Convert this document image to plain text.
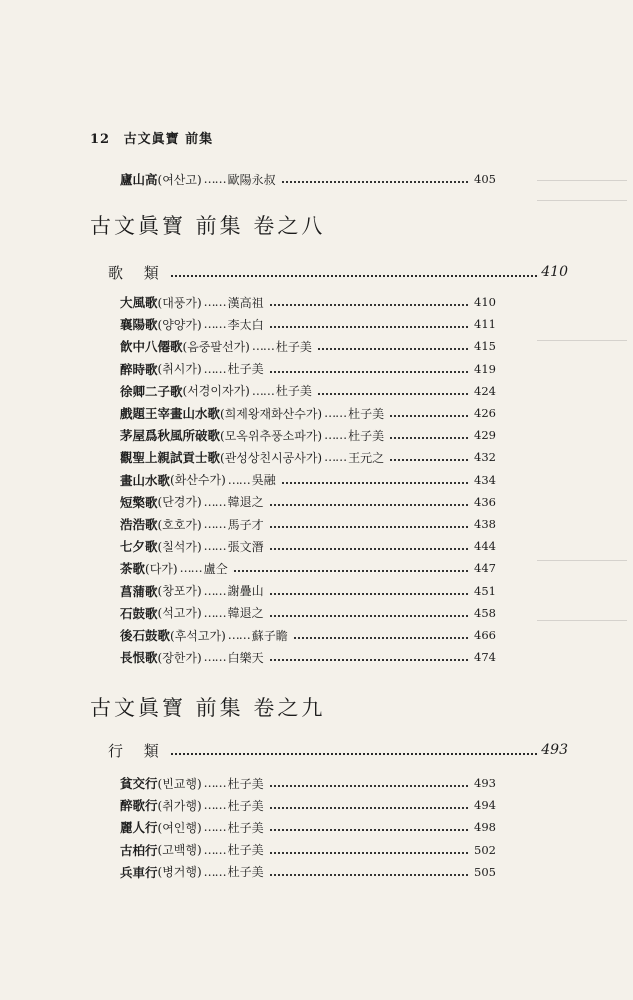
12 古文眞寶 前集
廬山高 (여산고) …… 歐陽永叔	405
古文眞寶 前集 卷之八
歌 類	410
大風歌 (대풍가) …… 漢高祖	410
襄陽歌 (양양가) …… 李太白	411
飮中八僊歌 (음중팔선가) …… 杜子美	415
醉時歌 (취시가) …… 杜子美	419
徐卿二子歌 (서경이자가) …… 杜子美	424
戲題王宰畫山水歌 (희제왕재화산수가) …… 杜子美	426
茅屋爲秋風所破歌 (모옥위추풍소파가) …… 杜子美	429
觀聖上親試貢士歌 (관성상친시공사가) …… 王元之	432
畫山水歌 (화산수가) …… 吳融	434
短檠歌 (단경가) …… 韓退之	436
浩浩歌 (호호가) …… 馬子才	438
七夕歌 (칠석가) …… 張文潛	444
茶歌 (다가) …… 盧仝	447
菖蒲歌 (창포가) …… 謝疊山	451
石鼓歌 (석고가) …… 韓退之	458
後石鼓歌 (후석고가) …… 蘇子瞻	466
長恨歌 (장한가) …… 白樂天	474
古文眞寶 前集 卷之九
行 類	493
貧交行 (빈교행) …… 杜子美	493
醉歌行 (취가행) …… 杜子美	494
麗人行 (여인행) …… 杜子美	498
古柏行 (고백행) …… 杜子美	502
兵車行 (병거행) …… 杜子美	505
